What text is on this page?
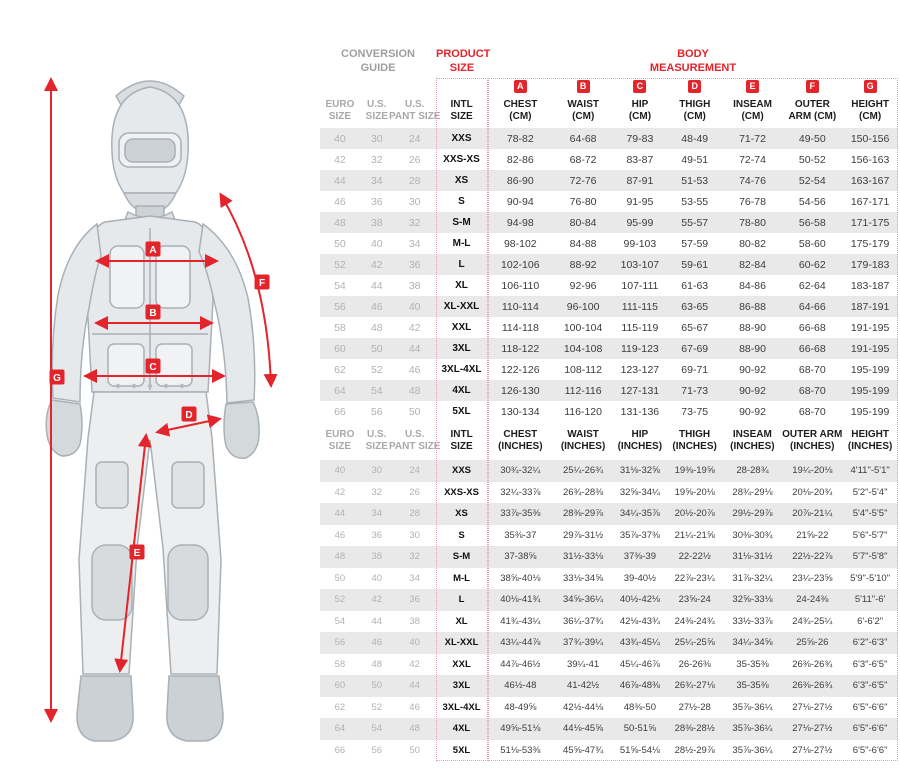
A
B
C
D
E
F
G
CONVERSION GUIDE
PRODUCT SIZE
BODY MEASUREMENT
A	B	C	D	E	F	G
EURO
SIZE
U.S.
SIZE
U.S.
PANT SIZE
INTL
SIZE
CHEST
(CM)
WAIST
(CM)
HIP
(CM)
THIGH
(CM)
INSEAM
(CM)
OUTER
ARM (CM)
HEIGHT
(CM)
40	30	24	XXS	78-82	64-68	79-83	48-49	71-72	49-50	150-156
42	32	26	XXS-XS	82-86	68-72	83-87	49-51	72-74	50-52	156-163
44	34	28	XS	86-90	72-76	87-91	51-53	74-76	52-54	163-167
46	36	30	S	90-94	76-80	91-95	53-55	76-78	54-56	167-171
48	38	32	S-M	94-98	80-84	95-99	55-57	78-80	56-58	171-175
50	40	34	M-L	98-102	84-88	99-103	57-59	80-82	58-60	175-179
52	42	36	L	102-106	88-92	103-107	59-61	82-84	60-62	179-183
54	44	38	XL	106-110	92-96	107-111	61-63	84-86	62-64	183-187
56	46	40	XL-XXL	110-114	96-100	111-115	63-65	86-88	64-66	187-191
58	48	42	XXL	114-118	100-104	115-119	65-67	88-90	66-68	191-195
60	50	44	3XL	118-122	104-108	119-123	67-69	88-90	66-68	191-195
62	52	46	3XL-4XL	122-126	108-112	123-127	69-71	90-92	68-70	195-199
64	54	48	4XL	126-130	112-116	127-131	71-73	90-92	68-70	195-199
66	56	50	5XL	130-134	116-120	131-136	73-75	90-92	68-70	195-199
EURO
SIZE
U.S.
SIZE
U.S.
PANT SIZE
INTL
SIZE
CHEST
(INCHES)
WAIST
(INCHES)
HIP
(INCHES)
THIGH
(INCHES)
INSEAM
(INCHES)
OUTER ARM
(INCHES)
HEIGHT
(INCHES)
40	30	24	XXS	30¾-32¼	25¼-26¾	31⅛-32⅝	19⅜-19⅝	28-28¾	19¼-20⅛	4'11"-5'1"
42	32	26	XXS-XS	32¼-33⅞	26¾-28⅜	32⅝-34¼	19⅝-20⅛	28¾-29⅛	20⅛-20¾	5'2"-5'4"
44	34	28	XS	33⅞-35⅜	28⅜-29⅞	34¼-35⅞	20½-20⅞	29½-29⅞	20⅞-21¼	5'4"-5'5"
46	36	30	S	35⅜-37	29⅞-31½	35⅞-37⅜	21¼-21⅝	30⅜-30¾	21⅝-22	5'6"-5'7"
48	38	32	S-M	37-38⅝	31½-33⅛	37⅜-39	22-22½	31⅛-31½	22½-22⅞	5'7"-5'8"
50	40	34	M-L	38⅝-40⅛	33⅛-34⅝	39-40½	22⅞-23¼	31⅞-32¼	23¼-23⅝	5'9"-5'10"
52	42	36	L	40⅛-41¾	34⅝-36¼	40½-42⅛	23⅝-24	32⅝-33⅛	24-24⅜	5'11"-6'
54	44	38	XL	41¾-43¼	36¼-37¾	42⅛-43¾	24⅜-24¾	33½-33⅞	24¾-25¼	6'-6'2"
56	46	40	XL-XXL	43¼-44⅞	37¾-39¼	43¾-45¼	25¼-25⅝	34¼-34⅝	25⅝-26	6'2"-6'3"
58	48	42	XXL	44⅞-46½	39¼-41	45¼-46⅞	26-26⅜	35-35⅜	26⅜-26¾	6'3"-6'5"
60	50	44	3XL	46½-48	41-42½	46⅞-48⅜	26¾-27⅛	35-35⅜	26⅜-26¾	6'3"-6'5"
62	52	46	3XL-4XL	48-49⅝	42½-44⅛	48⅜-50	27½-28	35⅞-36¼	27⅛-27½	6'5"-6'6"
64	54	48	4XL	49⅝-51⅛	44⅛-45⅝	50-51⅝	28⅜-28½	35⅞-36¼	27⅛-27½	6'5"-6'6"
66	56	50	5XL	51⅛-53⅜	45⅝-47¾	51⅝-54⅛	28½-29⅞	35⅞-36¼	27⅛-27½	6'5"-6'6"
